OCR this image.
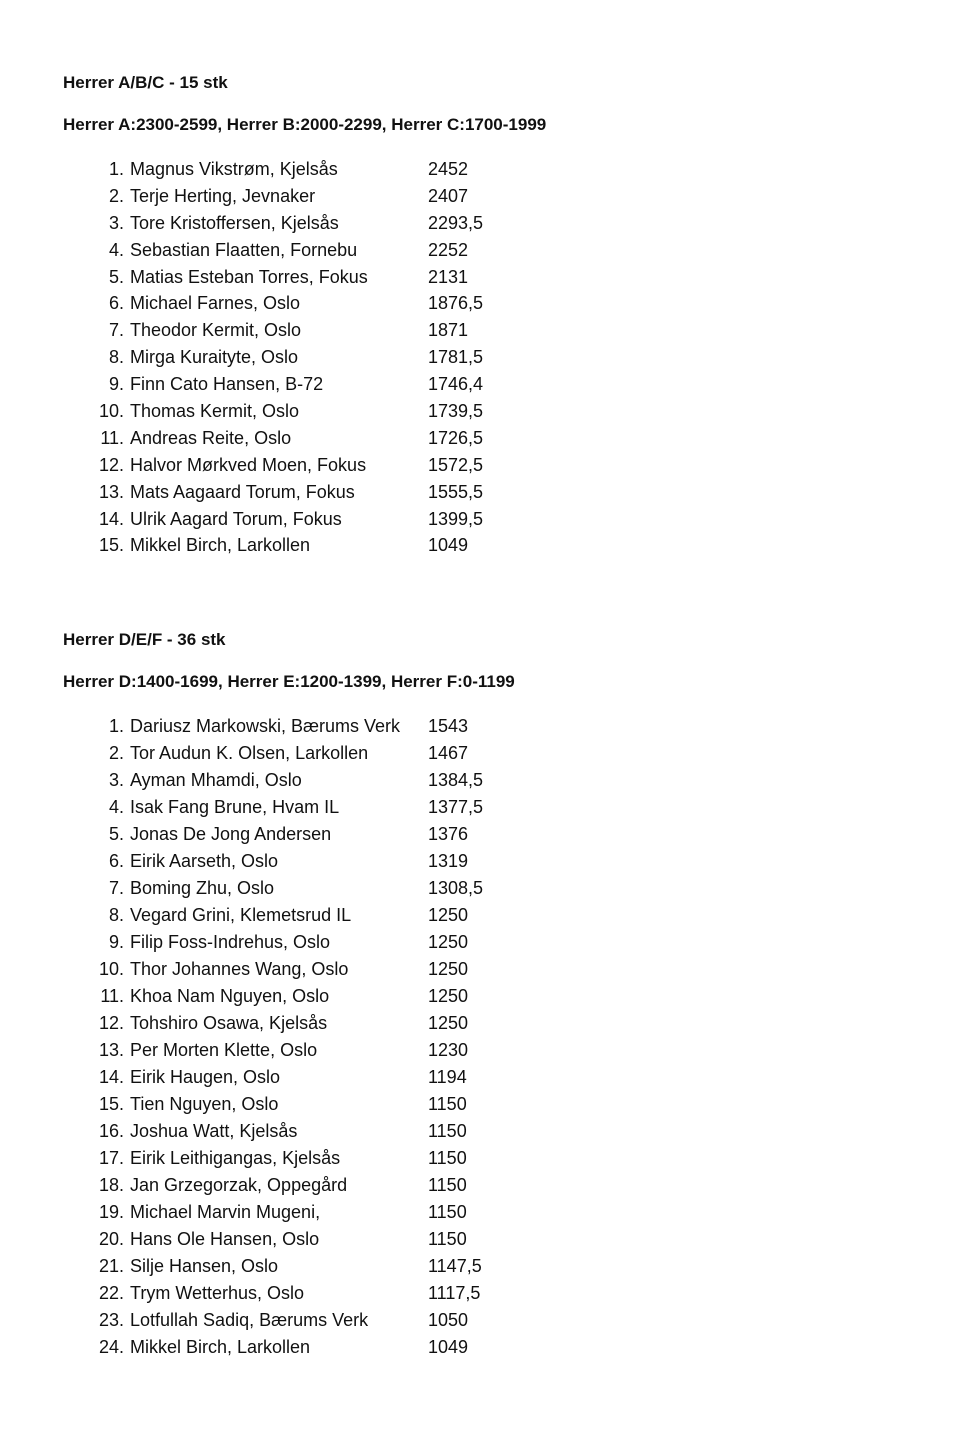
Herrer A/B/C - 15 stk
Herrer A:2300-2599, Herrer B:2000-2299, Herrer C:1700-1999
1. Magnus Vikstrøm, Kjelsås	2452
2. Terje Herting, Jevnaker	2407
3. Tore Kristoffersen, Kjelsås	2293,5
4. Sebastian Flaatten, Fornebu	2252
5. Matias Esteban Torres, Fokus	2131
6. Michael Farnes, Oslo	1876,5
7. Theodor Kermit, Oslo	1871
8. Mirga Kuraityte, Oslo	1781,5
9. Finn Cato Hansen, B-72	1746,4
10. Thomas Kermit, Oslo	1739,5
11. Andreas Reite, Oslo	1726,5
12. Halvor Mørkved Moen, Fokus	1572,5
13. Mats Aagaard Torum, Fokus	1555,5
14. Ulrik Aagard Torum, Fokus	1399,5
15. Mikkel Birch, Larkollen	1049
Herrer D/E/F - 36 stk
Herrer D:1400-1699, Herrer E:1200-1399, Herrer F:0-1199
1. Dariusz Markowski, Bærums Verk	1543
2. Tor Audun K. Olsen, Larkollen	1467
3. Ayman Mhamdi, Oslo	1384,5
4. Isak Fang Brune, Hvam IL	1377,5
5. Jonas De Jong Andersen	1376
6. Eirik Aarseth, Oslo	1319
7. Boming Zhu, Oslo	1308,5
8. Vegard Grini, Klemetsrud IL	1250
9. Filip Foss-Indrehus, Oslo	1250
10. Thor Johannes Wang, Oslo	1250
11. Khoa Nam Nguyen, Oslo	1250
12. Tohshiro Osawa, Kjelsås	1250
13. Per Morten Klette, Oslo	1230
14. Eirik Haugen, Oslo	1194
15. Tien Nguyen, Oslo	1150
16. Joshua Watt, Kjelsås	1150
17. Eirik Leithigangas, Kjelsås	1150
18. Jan Grzegorzak, Oppegård	1150
19. Michael Marvin Mugeni,	1150
20. Hans Ole Hansen, Oslo	1150
21. Silje Hansen, Oslo	1147,5
22. Trym Wetterhus, Oslo	1117,5
23. Lotfullah Sadiq, Bærums Verk	1050
24. Mikkel Birch, Larkollen	1049
